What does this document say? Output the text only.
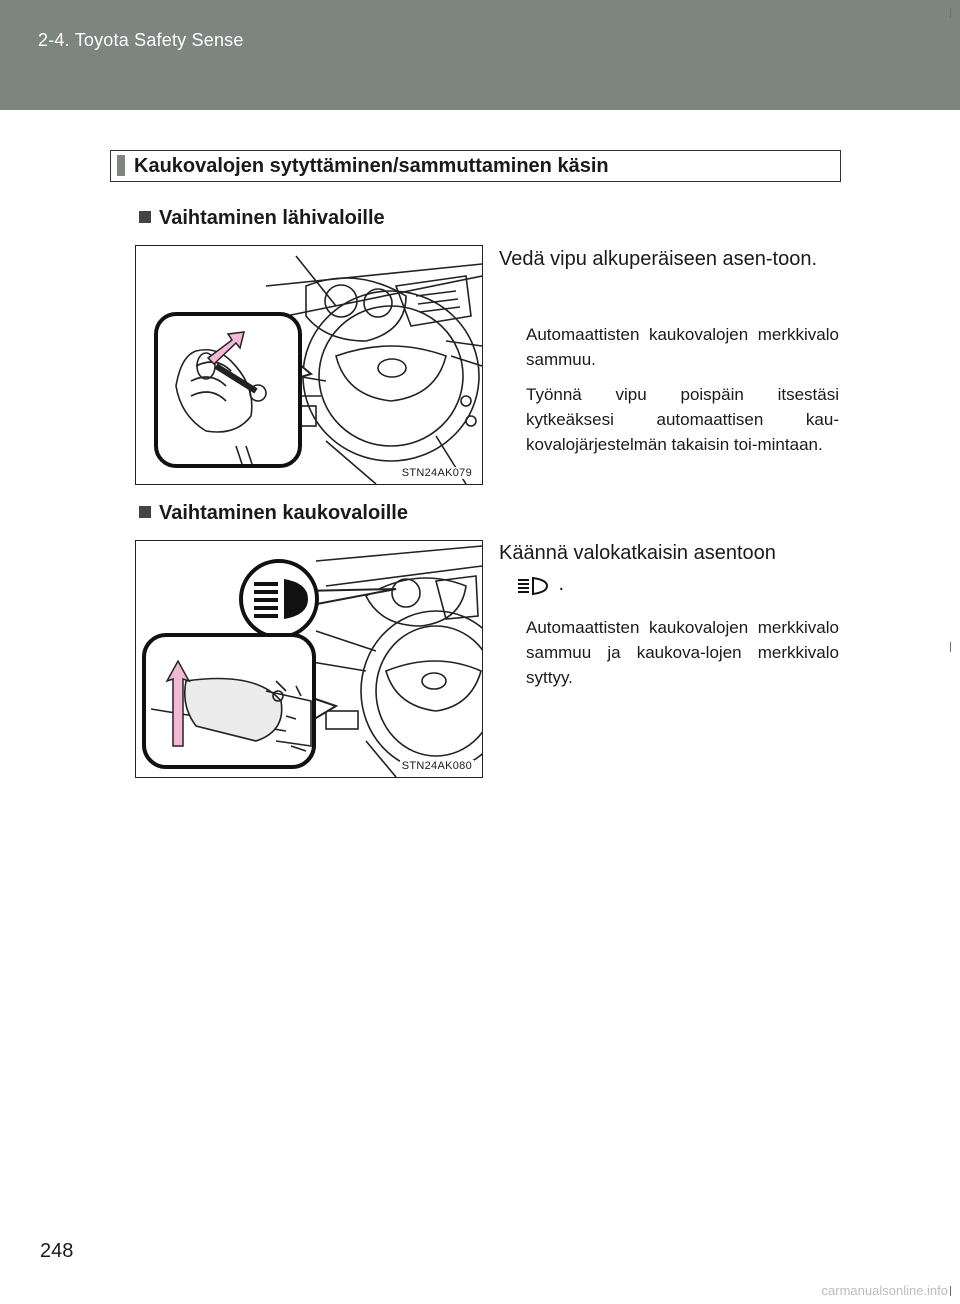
2-4. Toyota Safety Sense
Kaukovalojen sytyttäminen/sammuttaminen käsin
Vaihtaminen lähivaloille
STN24AK079
Vedä vipu alkuperäiseen asen-toon.
Automaattisten kaukovalojen merkkivalo sammuu.
Työnnä vipu poispäin itsestäsi kytkeäksesi automaattisen kau-kovalojärjestelmän takaisin toi-mintaan.
Vaihtaminen kaukovaloille
STN24AK080
Käännä valokatkaisin asentoon
.
Automaattisten kaukovalojen merkkivalo sammuu ja kaukova-lojen merkkivalo syttyy.
248
carmanualsonline.info
